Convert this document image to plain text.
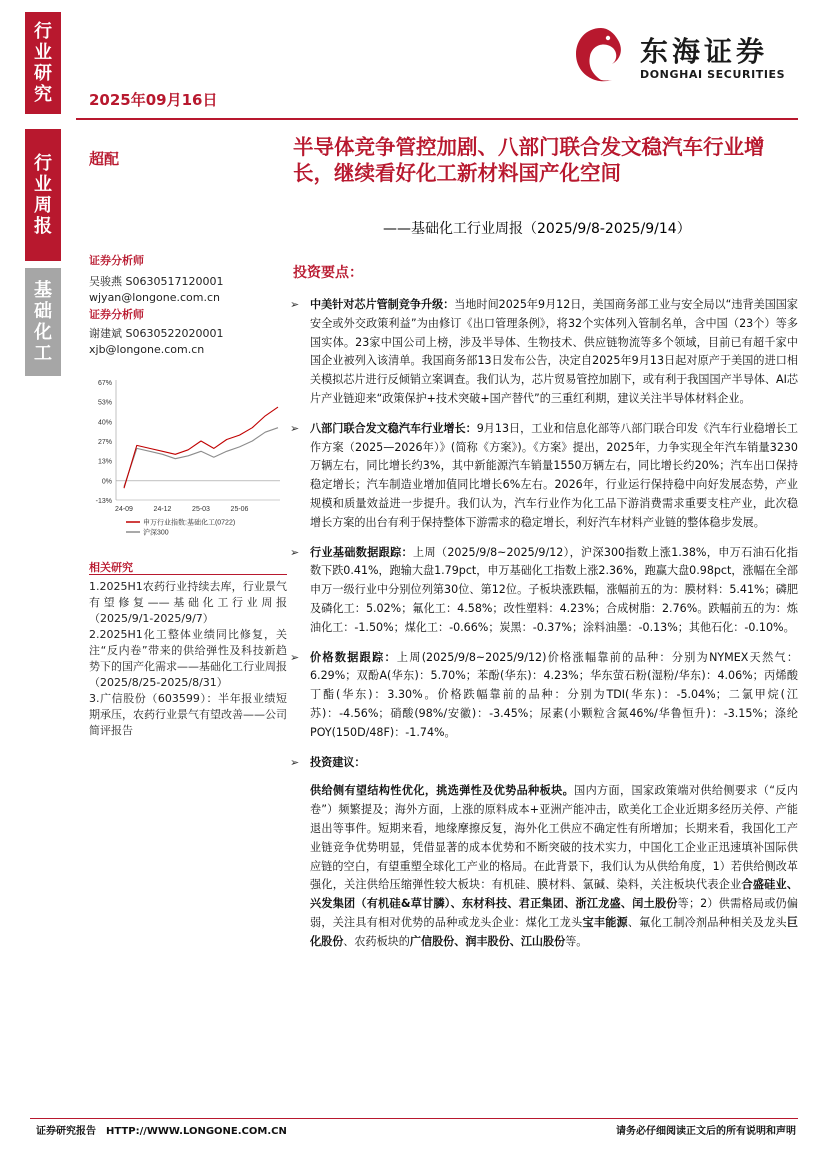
行
业
研
究
行
业
周
报
基
础
化
工
2025年09月16日
东海证券
DONGHAI SECURITIES
超配
证券分析师
吴骏燕 S0630517120001
wjyan@longone.com.cn
证券分析师
谢建斌 S0630522020001
xjb@longone.com.cn
67%
53%
40%
27%
13%
0%
-13%
24-09	24-12	25-03	25-06
申万行业指数:基础化工(0722)
沪深300
相关研究

1.2025H1农药行业持续去库，行业景气有望修复——基础化工行业周报（2025/9/1-2025/9/7）

2.2025H1化工整体业绩同比修复，关注“反内卷”带来的供给弹性及科技新趋势下的国产化需求——基础化工行业周报（2025/8/25-2025/8/31）

3.广信股份（603599）：半年报业绩短期承压，农药行业景气有望改善——公司简评报告

半导体竞争管控加剧、八部门联合发文稳汽车行业增长，继续看好化工新材料国产化空间
——基础化工行业周报（2025/9/8-2025/9/14）
投资要点：
➢ 中美针对芯片管制竞争升级：当地时间2025年9月12日，美国商务部工业与安全局以“违背美国国家安全或外交政策利益”为由修订《出口管理条例》，将32个实体列入管制名单，含中国（23个）等多国实体。23家中国公司上榜，涉及半导体、生物技术、供应链物流等多个领域，目前已有超千家中国企业被列入该清单。我国商务部13日发布公告，决定自2025年9月13日起对原产于美国的进口相关模拟芯片进行反倾销立案调查。我们认为，芯片贸易管控加剧下，或有利于我国国产半导体、AI芯片产业链迎来“政策保护+技术突破+国产替代”的三重红利期，建议关注半导体材料企业。
➢ 八部门联合发文稳汽车行业增长：9月13日，工业和信息化部等八部门联合印发《汽车行业稳增长工作方案（2025—2026年）》(简称《方案》)。《方案》提出，2025年，力争实现全年汽车销量3230万辆左右，同比增长约3%，其中新能源汽车销量1550万辆左右，同比增长约20%；汽车出口保持稳定增长；汽车制造业增加值同比增长6%左右。2026年，行业运行保持稳中向好发展态势，产业规模和质量效益进一步提升。我们认为，汽车行业作为化工品下游消费需求重要支柱产业，此次稳增长方案的出台有利于保持整体下游需求的稳定增长，利好汽车材料产业链的整体稳步发展。
➢ 行业基础数据跟踪：上周（2025/9/8~2025/9/12），沪深300指数上涨1.38%，申万石油石化指数下跌0.41%，跑输大盘1.79pct，申万基础化工指数上涨2.36%，跑赢大盘0.98pct，涨幅在全部申万一级行业中分别位列第30位、第12位。子板块涨跌幅，涨幅前五的为：膜材料：5.41%；磷肥及磷化工：5.02%；氟化工：4.58%；改性塑料：4.23%；合成树脂：2.76%。跌幅前五的为：炼油化工：-1.50%；煤化工：-0.66%；炭黑：-0.37%；涂料油墨：-0.13%；其他石化：-0.10%。
➢ 价格数据跟踪：上周(2025/9/8~2025/9/12)价格涨幅靠前的品种：分别为NYMEX天然气：6.29%；双酚A(华东)：5.70%；苯酚(华东)：4.23%；华东萤石粉(湿粉/华东)：4.06%；丙烯酸丁酯(华东)：3.30%。价格跌幅靠前的品种：分别为TDI(华东)：-5.04%；二氯甲烷(江苏)：-4.56%；硝酸(98%/安徽)：-3.45%；尿素(小颗粒含氮46%/华鲁恒升)：-3.15%；涤纶POY(150D/48F)：-1.74%。
➢ 投资建议：
供给侧有望结构性优化，挑选弹性及优势品种板块。国内方面，国家政策端对供给侧要求（“反内卷”）频繁提及；海外方面，上涨的原料成本+亚洲产能冲击，欧美化工企业近期多经历关停、产能退出等事件。短期来看，地缘摩擦反复，海外化工供应不确定性有所增加；长期来看，我国化工产业链竞争优势明显，凭借显著的成本优势和不断突破的技术实力，中国化工企业正迅速填补国际供应链的空白，有望重塑全球化工产业的格局。在此背景下，我们认为从供给角度，1）若供给侧改革强化，关注供给压缩弹性较大板块：有机硅、膜材料、氯碱、染料，关注板块代表企业合盛硅业、兴发集团（有机硅&草甘膦）、东材科技、君正集团、浙江龙盛、闰土股份等；2）供需格局或仍偏弱，关注具有相对优势的品种或龙头企业：煤化工龙头宝丰能源、氟化工制冷剂品种相关及龙头巨化股份、农药板块的广信股份、润丰股份、江山股份等。
证券研究报告　HTTP://WWW.LONGONE.COM.CN	请务必仔细阅读正文后的所有说明和声明
